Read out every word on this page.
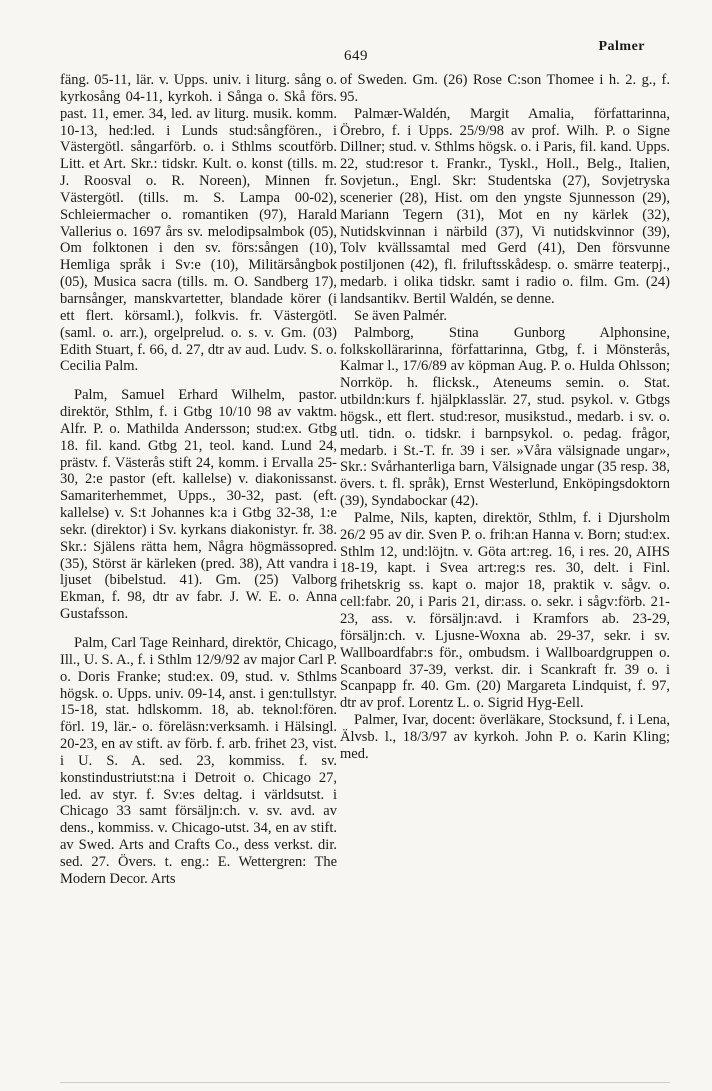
649
Palmer

fäng. 05-11, lär. v. Upps. univ. i liturg. sång o. kyrkosång 04-11, kyrkoh. i Sånga o. Skå förs. past. 11, emer. 34, led. av liturg. musik. komm. 10-13, hed:led. i Lunds stud:sångfören., i Västergötl. sångarförb. o. i Sthlms scoutförb. Litt. et Art. Skr.: tidskr. Kult. o. konst (tills. m. J. Roosval o. R. Noreen), Minnen fr. Västergötl. (tills. m. S. Lampa 00-02), Schleiermacher o. romantiken (97), Harald Vallerius o. 1697 års sv. melodipsalmbok (05), Om folktonen i den sv. förs:sången (10), Hemliga språk i Sv:e (10), Militärsångbok (05), Musica sacra (tills. m. O. Sandberg 17), barnsånger, manskvartetter, blandade körer (i ett flert. körsaml.), folkvis. fr. Västergötl. (saml. o. arr.), orgelprelud. o. s. v. Gm. (03) Edith Stuart, f. 66, d. 27, dtr av aud. Ludv. S. o. Cecilia Palm.

Palm, Samuel Erhard Wilhelm, pastor. direktör, Sthlm, f. i Gtbg 10/10 98 av vaktm. Alfr. P. o. Mathilda Andersson; stud:ex. Gtbg 18. fil. kand. Gtbg 21, teol. kand. Lund 24, prästv. f. Västerås stift 24, komm. i Ervalla 25-30, 2:e pastor (eft. kallelse) v. diakonissanst. Samariterhemmet, Upps., 30-32, past. (eft. kallelse) v. S:t Johannes k:a i Gtbg 32-38, 1:e sekr. (direktor) i Sv. kyrkans diakonistyr. fr. 38. Skr.: Själens rätta hem, Några högmässopred. (35), Störst är kärleken (pred. 38), Att vandra i ljuset (bibelstud. 41). Gm. (25) Valborg Ekman, f. 98, dtr av fabr. J. W. E. o. Anna Gustafsson.

Palm, Carl Tage Reinhard, direktör, Chicago, Ill., U. S. A., f. i Sthlm 12/9/92 av major Carl P. o. Doris Franke; stud:ex. 09, stud. v. Sthlms högsk. o. Upps. univ. 09-14, anst. i gen:tullstyr. 15-18, stat. hdlskomm. 18, ab. teknol:fören. förl. 19, lär.- o. föreläsn:verksamh. i Hälsingl. 20-23, en av stift. av förb. f. arb. frihet 23, vist. i U. S. A. sed. 23, kommiss. f. sv. konstindustriutst:na i Detroit o. Chicago 27, led. av styr. f. Sv:es deltag. i världsutst. i Chicago 33 samt försäljn:ch. v. sv. avd. av dens., kommiss. v. Chicago-utst. 34, en av stift. av Swed. Arts and Crafts Co., dess verkst. dir. sed. 27. Övers. t. eng.: E. Wettergren: The Modern Decor. Arts

of Sweden. Gm. (26) Rose C:son Thomee i h. 2. g., f. 95.

Palmær-Waldén, Margit Amalia, författarinna, Örebro, f. i Upps. 25/9/98 av prof. Wilh. P. o Signe Dillner; stud. v. Sthlms högsk. o. i Paris, fil. kand. Upps. 22, stud:resor t. Frankr., Tyskl., Holl., Belg., Italien, Sovjetun., Engl. Skr: Studentska (27), Sovjetryska scenerier (28), Hist. om den yngste Sjunnesson (29), Mariann Tegern (31), Mot en ny kärlek (32), Nutidskvinnan i närbild (37), Vi nutidskvinnor (39), Tolv kvällssamtal med Gerd (41), Den försvunne postiljonen (42), fl. friluftsskådesp. o. smärre teaterpj., medarb. i olika tidskr. samt i radio o. film. Gm. (24) landsantikv. Bertil Waldén, se denne.

Se även Palmér.

Palmborg, Stina Gunborg Alphonsine, folkskollärarinna, författarinna, Gtbg, f. i Mönsterås, Kalmar l., 17/6/89 av köpman Aug. P. o. Hulda Ohlsson; Norrköp. h. flicksk., Ateneums semin. o. Stat. utbildn:kurs f. hjälpklasslär. 27, stud. psykol. v. Gtbgs högsk., ett flert. stud:resor, musikstud., medarb. i sv. o. utl. tidn. o. tidskr. i barnpsykol. o. pedag. frågor, medarb. i St.-T. fr. 39 i ser. »Våra välsignade ungar», Skr.: Svårhanterliga barn, Välsignade ungar (35 resp. 38, övers. t. fl. språk), Ernst Westerlund, Enköpingsdoktorn (39), Syndabockar (42).

Palme, Nils, kapten, direktör, Sthlm, f. i Djursholm 26/2 95 av dir. Sven P. o. frih:an Hanna v. Born; stud:ex. Sthlm 12, und:löjtn. v. Göta art:reg. 16, i res. 20, AIHS 18-19, kapt. i Svea art:reg:s res. 30, delt. i Finl. frihetskrig ss. kapt o. major 18, praktik v. sågv. o. cell:fabr. 20, i Paris 21, dir:ass. o. sekr. i sågv:förb. 21-23, ass. v. försäljn:avd. i Kramfors ab. 23-29, försäljn:ch. v. Ljusne-Woxna ab. 29-37, sekr. i sv. Wallboardfabr:s för., ombudsm. i Wallboardgruppen o. Scanboard 37-39, verkst. dir. i Scankraft fr. 39 o. i Scanpapp fr. 40. Gm. (20) Margareta Lindquist, f. 97, dtr av prof. Lorentz L. o. Sigrid Hyg-Eell.

Palmer, Ivar, docent: överläkare, Stocksund, f. i Lena, Älvsb. l., 18/3/97 av kyrkoh. John P. o. Karin Kling; med.
